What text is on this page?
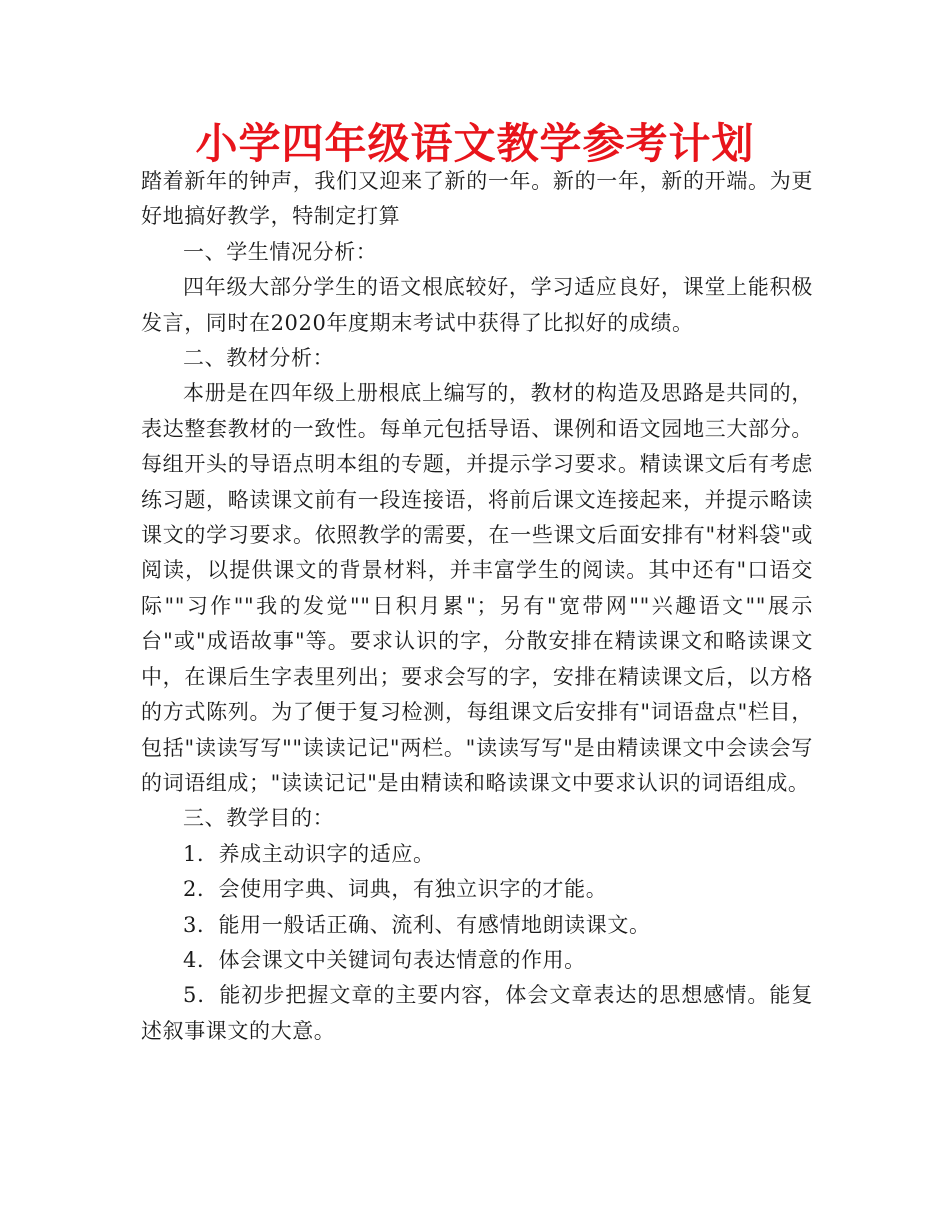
小学四年级语文教学参考计划

踏着新年的钟声，我们又迎来了新的一年。新的一年，新的开端。为更好地搞好教学，特制定打算

一、学生情况分析：

四年级大部分学生的语文根底较好，学习适应良好，课堂上能积极发言，同时在2020年度期末考试中获得了比拟好的成绩。

二、教材分析：

本册是在四年级上册根底上编写的，教材的构造及思路是共同的，表达整套教材的一致性。每单元包括导语、课例和语文园地三大部分。每组开头的导语点明本组的专题，并提示学习要求。精读课文后有考虑练习题，略读课文前有一段连接语，将前后课文连接起来，并提示略读课文的学习要求。依照教学的需要，在一些课文后面安排有"材料袋"或阅读，以提供课文的背景材料，并丰富学生的阅读。其中还有"口语交际""习作""我的发觉""日积月累"；另有"宽带网""兴趣语文""展示台"或"成语故事"等。要求认识的字，分散安排在精读课文和略读课文中，在课后生字表里列出；要求会写的字，安排在精读课文后，以方格的方式陈列。为了便于复习检测，每组课文后安排有"词语盘点"栏目，包括"读读写写""读读记记"两栏。"读读写写"是由精读课文中会读会写的词语组成；"读读记记"是由精读和略读课文中要求认识的词语组成。

三、教学目的：

1．养成主动识字的适应。

2．会使用字典、词典，有独立识字的才能。

3．能用一般话正确、流利、有感情地朗读课文。

4．体会课文中关键词句表达情意的作用。

5．能初步把握文章的主要内容，体会文章表达的思想感情。能复述叙事课文的大意。
